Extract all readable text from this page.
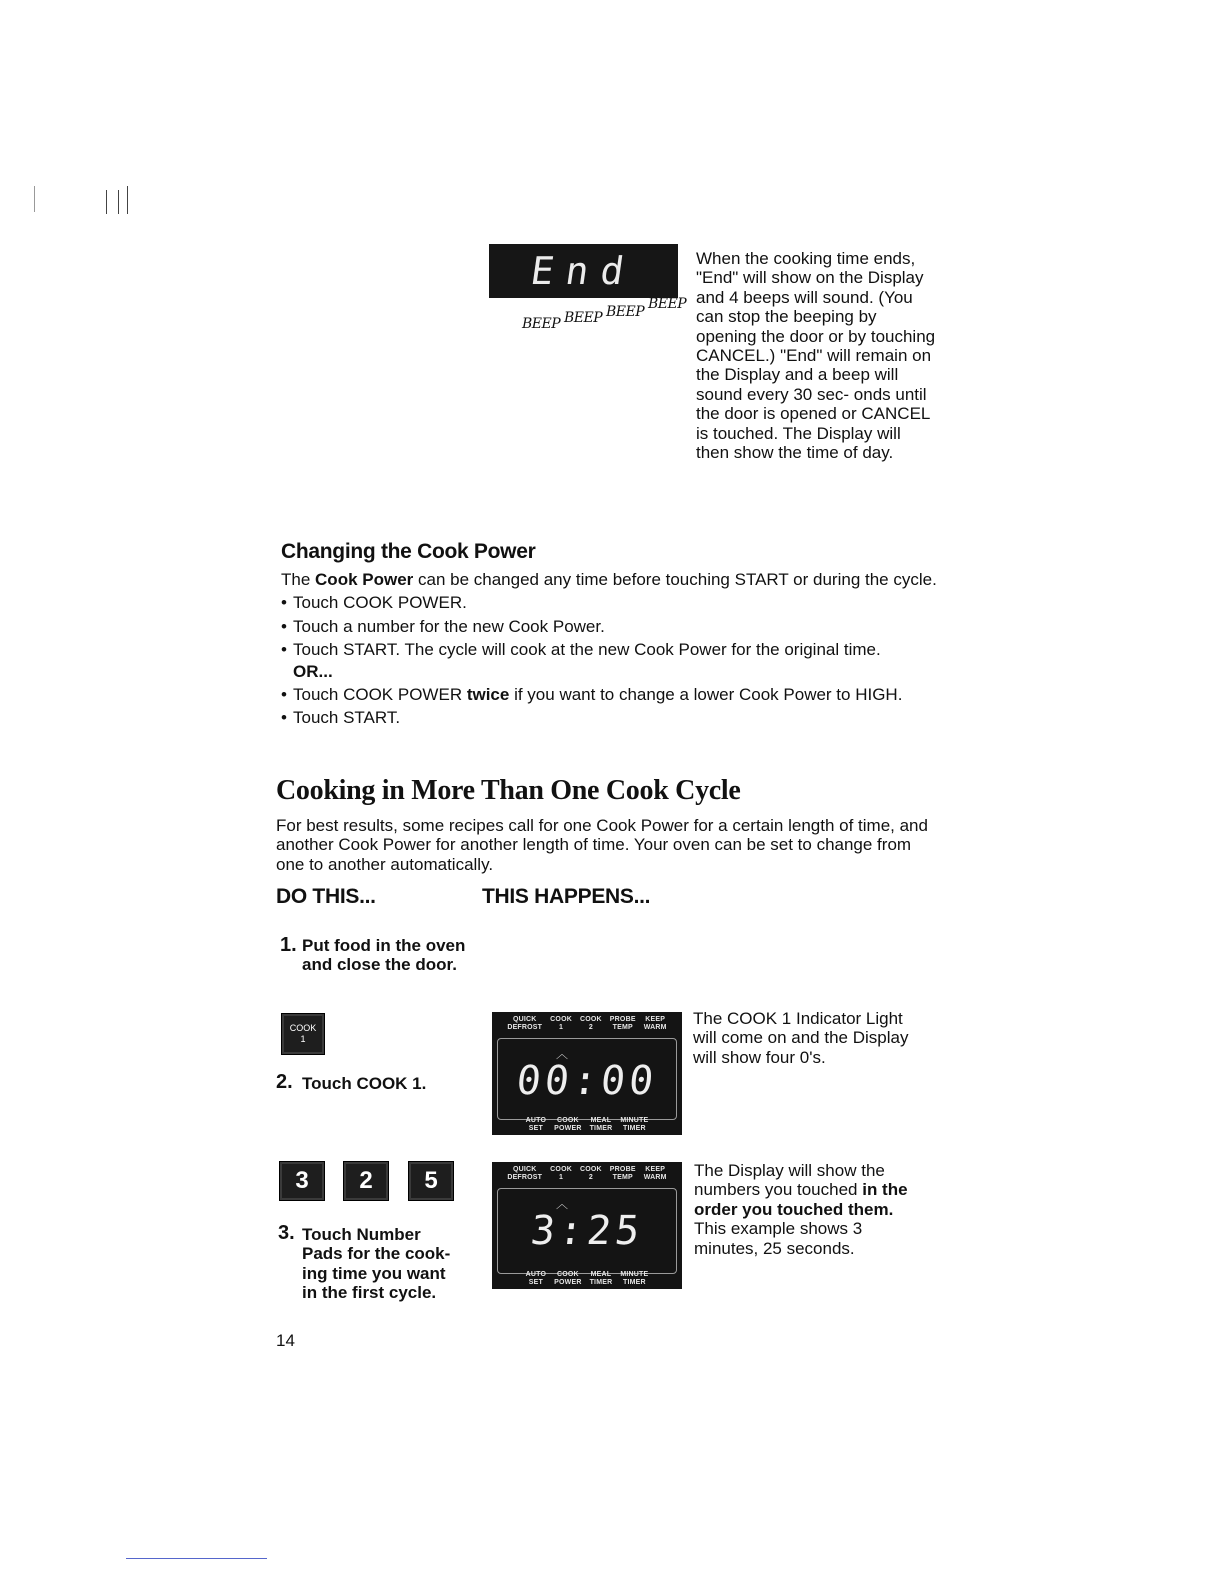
End
BEEP BEEP BEEP BEEP
When the cooking time ends, "End" will show on the Display and 4 beeps will sound. (You can stop the beeping by opening the door or by touching CANCEL.) "End" will remain on the Display and a beep will sound every 30 sec- onds until the door is opened or CANCEL is touched. The Display will then show the time of day.
Changing the Cook Power

The Cook Power can be changed any time before touching START or during the cycle.

• Touch COOK POWER.
• Touch a number for the new Cook Power.
• Touch START. The cycle will cook at the new Cook Power for the original time.
OR...
• Touch COOK POWER twice if you want to change a lower Cook Power to HIGH.
• Touch START.
Cooking in More Than One Cook Cycle
For best results, some recipes call for one Cook Power for a certain length of time, and another Cook Power for another length of time. Your oven can be set to change from one to another automatically.
DO THIS...	THIS HAPPENS...
1. Put food in the oven and close the door.
COOK
1
2. Touch COOK 1.
QUICK
DEFROST
COOK
1
COOK
2
PROBE
TEMP
KEEP
WARM
︿
00:00
AUTO
SET
COOK
POWER
MEAL
TIMER
MINUTE
TIMER
The COOK 1 Indicator Light will come on and the Display will show four 0's.
3	2	5
3. Touch Number Pads for the cook- ing time you want in the first cycle.
QUICK
DEFROST
COOK
1
COOK
2
PROBE
TEMP
KEEP
WARM
︿
3:25
AUTO
SET
COOK
POWER
MEAL
TIMER
MINUTE
TIMER
The Display will show the numbers you touched in the order you touched them. This example shows 3 minutes, 25 seconds.
14
